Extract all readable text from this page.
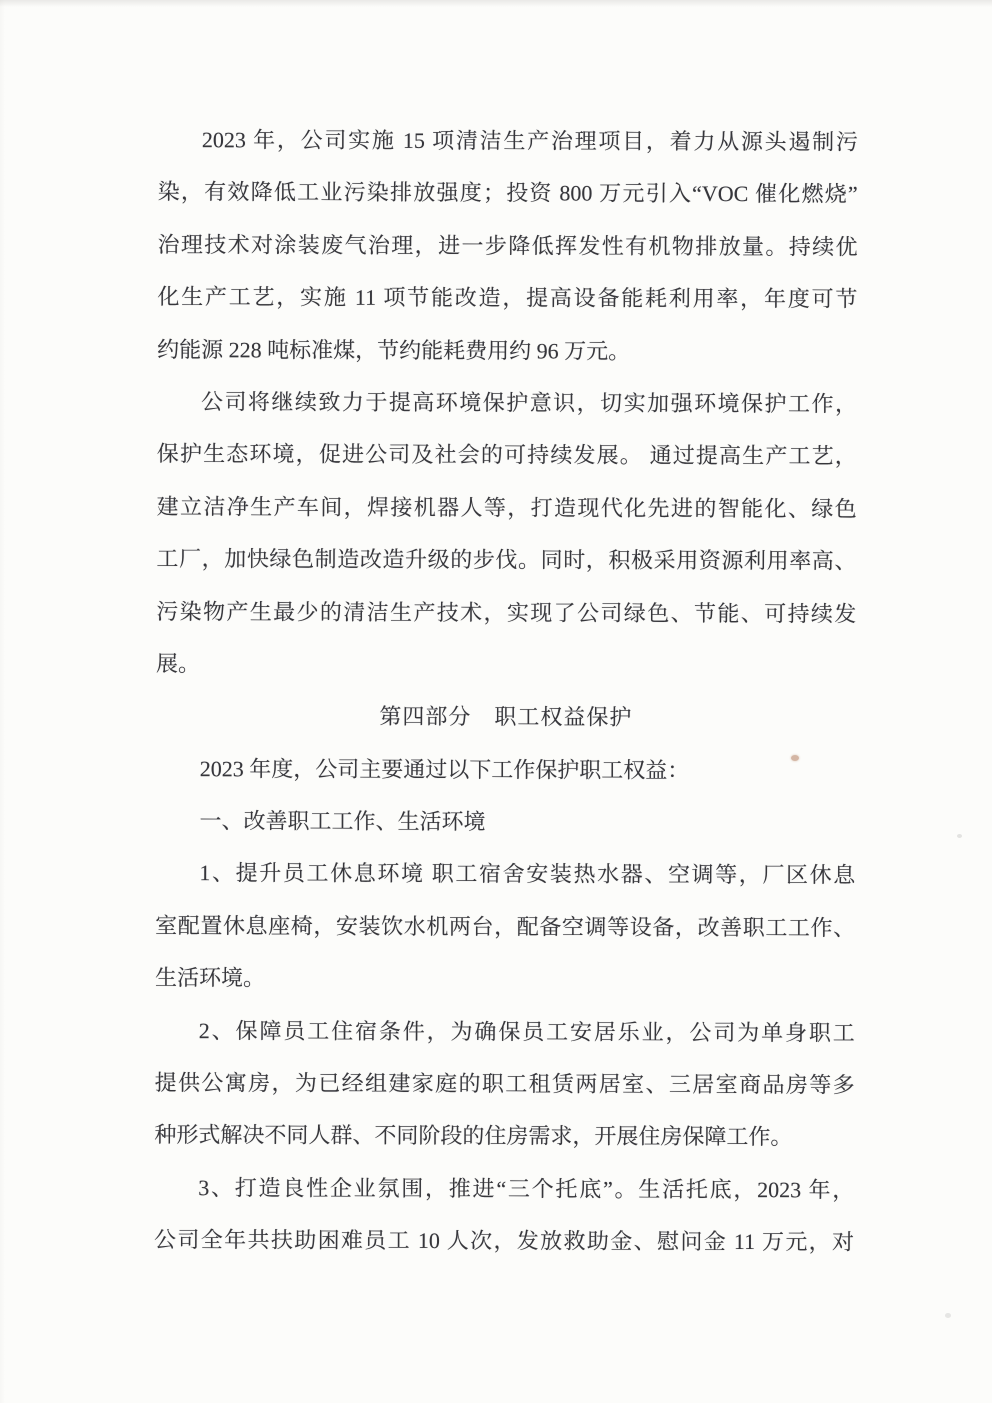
2023 年，公司实施 15 项清洁生产治理项目，着力从源头遏制污
染，有效降低工业污染排放强度；投资 800 万元引入“VOC 催化燃烧”
治理技术对涂装废气治理，进一步降低挥发性有机物排放量。持续优
化生产工艺，实施 11 项节能改造，提高设备能耗利用率，年度可节
约能源 228 吨标准煤，节约能耗费用约 96 万元。
公司将继续致力于提高环境保护意识，切实加强环境保护工作，
保护生态环境，促进公司及社会的可持续发展。 通过提高生产工艺，
建立洁净生产车间，焊接机器人等，打造现代化先进的智能化、绿色
工厂，加快绿色制造改造升级的步伐。同时，积极采用资源利用率高、
污染物产生最少的清洁生产技术，实现了公司绿色、节能、可持续发
展。
第四部分　职工权益保护
2023 年度，公司主要通过以下工作保护职工权益：
一、改善职工工作、生活环境
1、提升员工休息环境 职工宿舍安装热水器、空调等，厂区休息
室配置休息座椅，安装饮水机两台，配备空调等设备，改善职工工作、
生活环境。
2、保障员工住宿条件，为确保员工安居乐业，公司为单身职工
提供公寓房，为已经组建家庭的职工租赁两居室、三居室商品房等多
种形式解决不同人群、不同阶段的住房需求，开展住房保障工作。
3、打造良性企业氛围，推进“三个托底”。生活托底，2023 年，
公司全年共扶助困难员工 10 人次，发放救助金、慰问金 11 万元，对
